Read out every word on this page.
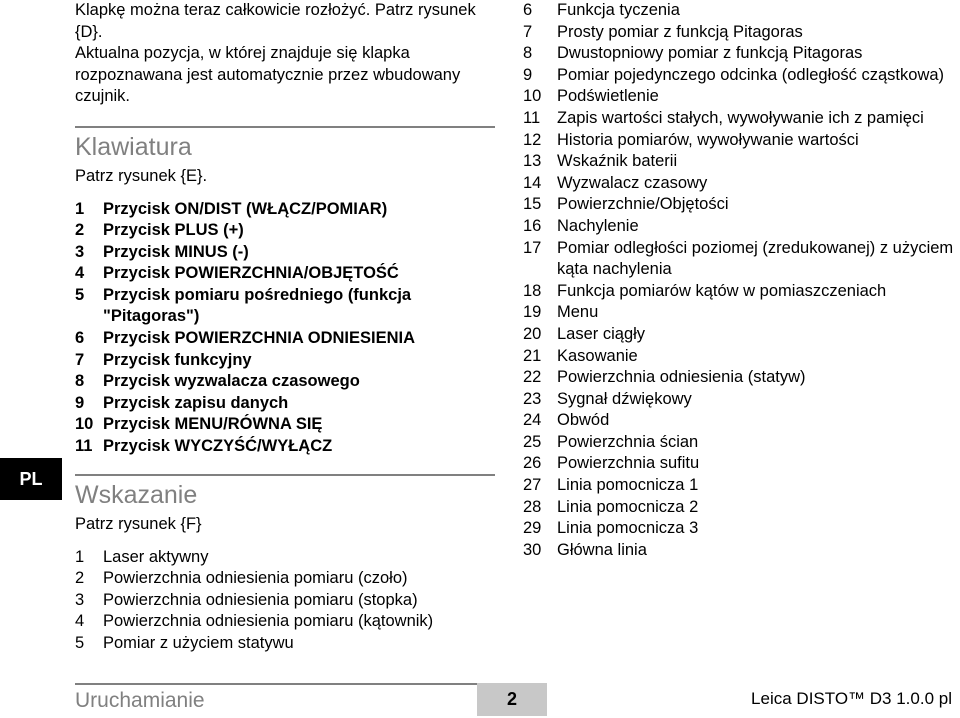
PL

Klapkę można teraz całkowicie rozłożyć. Patrz rysunek {D}.

Aktualna pozycja, w której znajduje się klapka rozpoznawana jest automatycznie przez wbudowany czujnik.

Klawiatura
Patrz rysunek {E}.
1	Przycisk ON/DIST (WŁĄCZ/POMIAR)
2	Przycisk PLUS (+)
3	Przycisk MINUS (-)
4	Przycisk POWIERZCHNIA/OBJĘTOŚĆ
5	Przycisk pomiaru pośredniego (funkcja "Pitagoras")
6	Przycisk POWIERZCHNIA ODNIESIENIA
7	Przycisk funkcyjny
8	Przycisk wyzwalacza czasowego
9	Przycisk zapisu danych
10 Przycisk MENU/RÓWNA SIĘ
11 Przycisk WYCZYŚĆ/WYŁĄCZ
Wskazanie
Patrz rysunek {F}
1	Laser aktywny
2	Powierzchnia odniesienia pomiaru (czoło)
3	Powierzchnia odniesienia pomiaru (stopka)
4	Powierzchnia odniesienia pomiaru (kątownik)
5	Pomiar z użyciem statywu
6	Funkcja tyczenia
7	Prosty pomiar z funkcją Pitagoras
8	Dwustopniowy pomiar z funkcją Pitagoras
9	Pomiar pojedynczego odcinka (odległość cząstkowa)
10 Podświetlenie
11	Zapis wartości stałych, wywoływanie ich z pamięci
12 Historia pomiarów, wywoływanie wartości
13 Wskaźnik baterii
14 Wyzwalacz czasowy
15 Powierzchnie/Objętości
16 Nachylenie
17 Pomiar odległości poziomej (zredukowanej) z użyciem kąta nachylenia
18 Funkcja pomiarów kątów w pomiaszczeniach
19 Menu
20 Laser ciągły
21 Kasowanie
22 Powierzchnia odniesienia (statyw)
23 Sygnał dźwiękowy
24 Obwód
25 Powierzchnia ścian
26 Powierzchnia sufitu
27 Linia pomocnicza 1
28 Linia pomocnicza 2
29 Linia pomocnicza 3
30 Główna linia
Uruchamianie	2	Leica DISTO™ D3 1.0.0 pl
